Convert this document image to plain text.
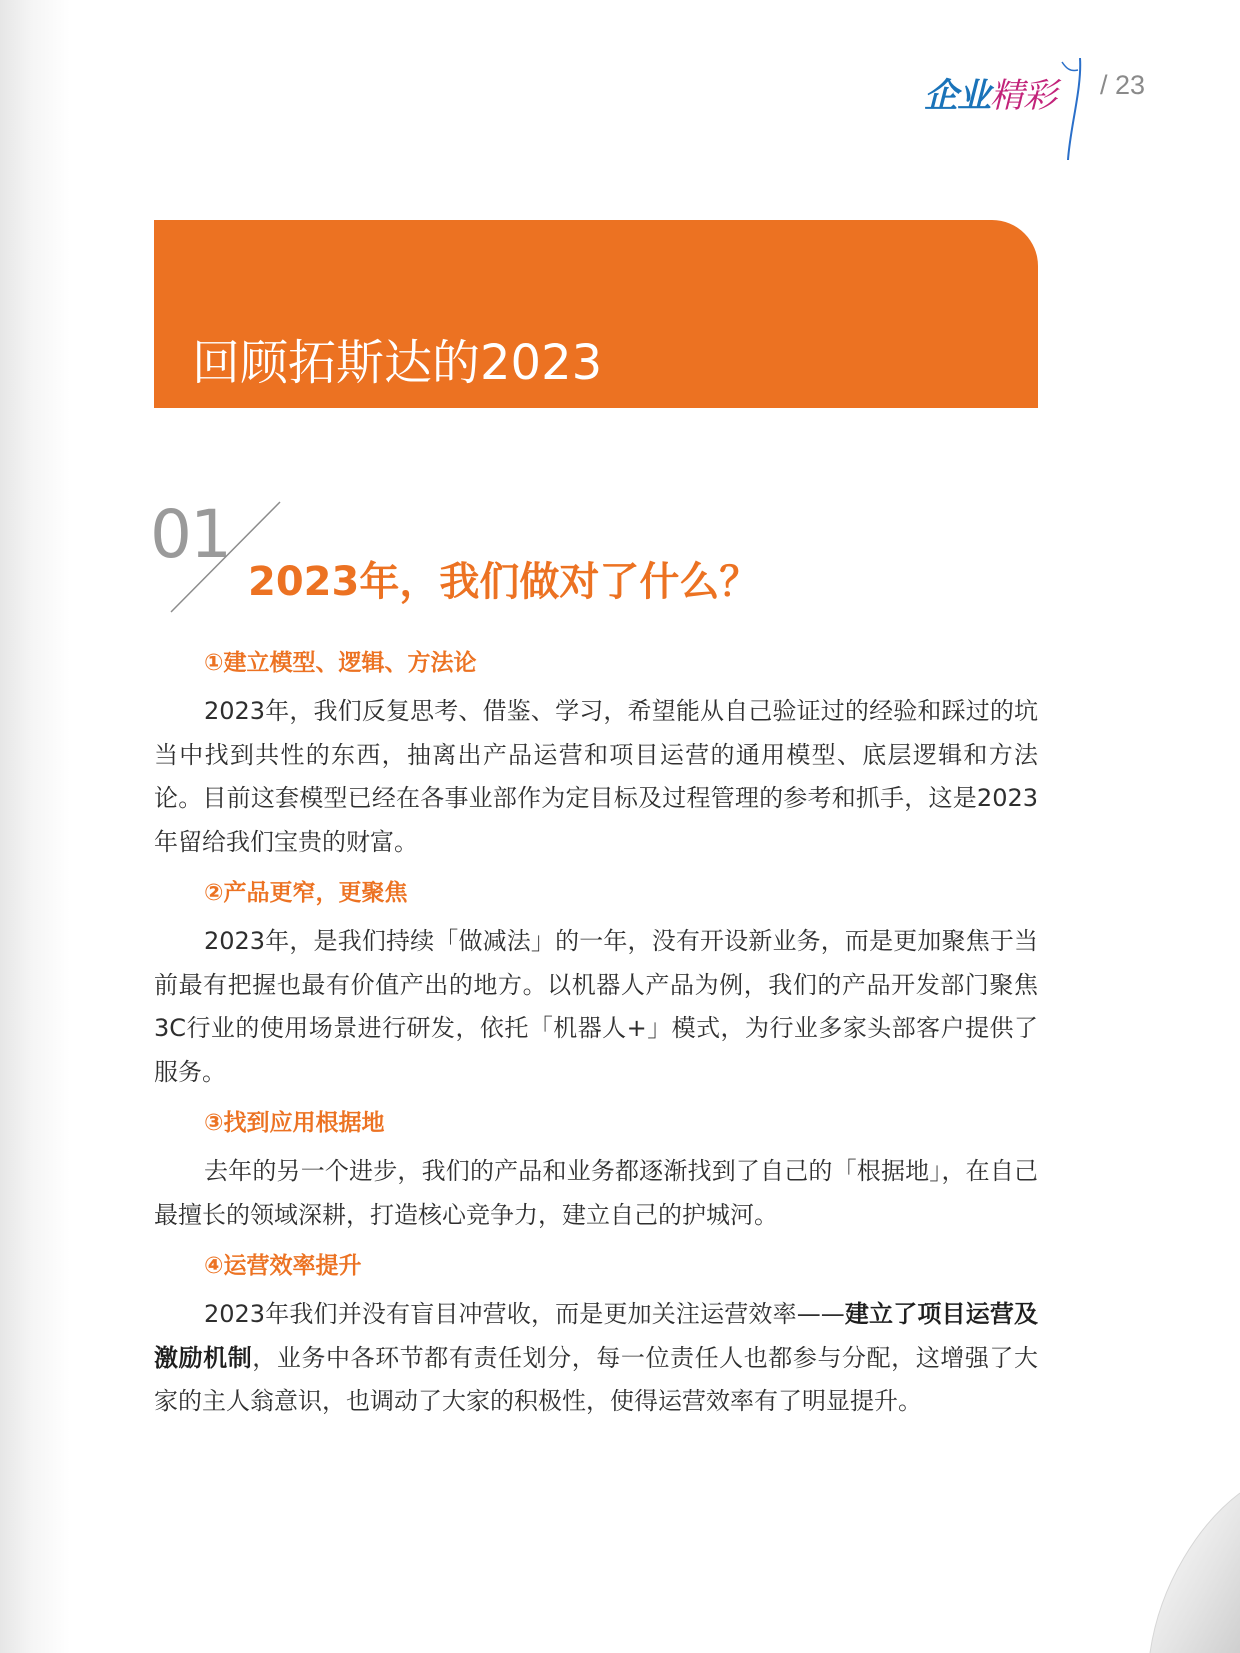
企业精彩 / 23
回顾拓斯达的2023
01
2023年，我们做对了什么？
①建立模型、逻辑、方法论

2023年，我们反复思考、借鉴、学习，希望能从自己验证过的经验和踩过的坑当中找到共性的东西，抽离出产品运营和项目运营的通用模型、底层逻辑和方法论。目前这套模型已经在各事业部作为定目标及过程管理的参考和抓手，这是2023年留给我们宝贵的财富。

②产品更窄，更聚焦

2023年，是我们持续「做减法」的一年，没有开设新业务，而是更加聚焦于当前最有把握也最有价值产出的地方。以机器人产品为例，我们的产品开发部门聚焦3C行业的使用场景进行研发，依托「机器人+」模式，为行业多家头部客户提供了服务。

③找到应用根据地

去年的另一个进步，我们的产品和业务都逐渐找到了自己的「根据地」，在自己最擅长的领域深耕，打造核心竞争力，建立自己的护城河。

④运营效率提升

2023年我们并没有盲目冲营收，而是更加关注运营效率——建立了项目运营及激励机制，业务中各环节都有责任划分，每一位责任人也都参与分配，这增强了大家的主人翁意识，也调动了大家的积极性，使得运营效率有了明显提升。
